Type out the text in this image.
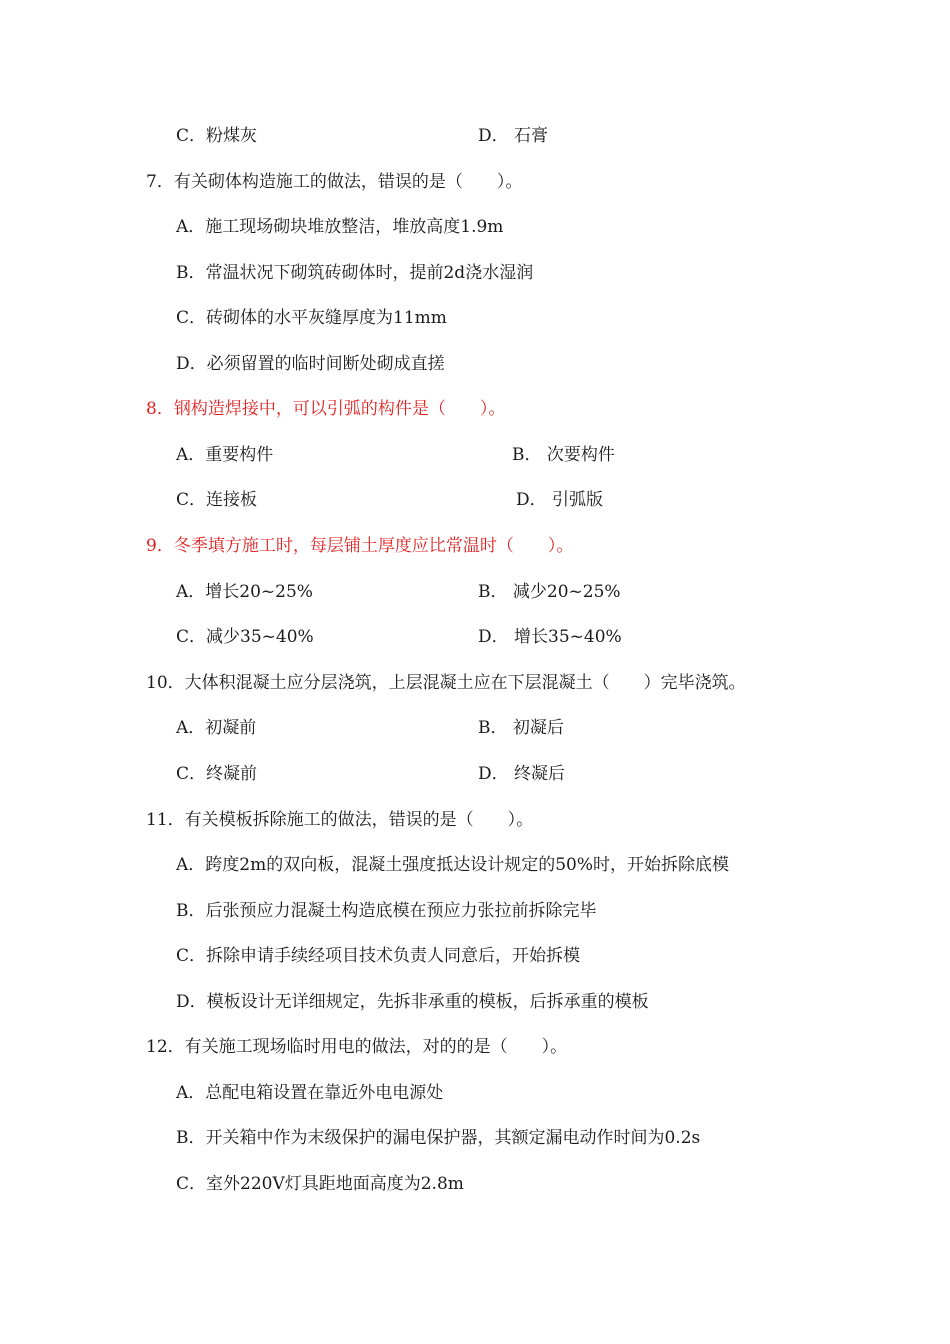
C．粉煤灰	D． 石膏
7．有关砌体构造施工的做法，错误的是（　　）。
A．施工现场砌块堆放整洁，堆放高度1.9m
B．常温状况下砌筑砖砌体时，提前2d浇水湿润
C．砖砌体的水平灰缝厚度为11mm
D．必须留置的临时间断处砌成直搓
8．钢构造焊接中，可以引弧的构件是（　　）。
A．重要构件	B． 次要构件
C．连接板	D． 引弧版
9．冬季填方施工时，每层铺土厚度应比常温时（　　）。
A．增长20~25%	B． 减少20~25%
C．减少35~40%	D． 增长35~40%
10．大体积混凝土应分层浇筑，上层混凝土应在下层混凝土（　　）完毕浇筑。
A．初凝前	B． 初凝后
C．终凝前	D． 终凝后
11．有关模板拆除施工的做法，错误的是（　　）。
A．跨度2m的双向板，混凝土强度抵达设计规定的50%时，开始拆除底模
B．后张预应力混凝土构造底模在预应力张拉前拆除完毕
C．拆除申请手续经项目技术负责人同意后，开始拆模
D．模板设计无详细规定，先拆非承重的模板，后拆承重的模板
12．有关施工现场临时用电的做法，对的的是（　　）。
A．总配电箱设置在靠近外电电源处
B．开关箱中作为末级保护的漏电保护器，其额定漏电动作时间为0.2s
C．室外220V灯具距地面高度为2.8m
